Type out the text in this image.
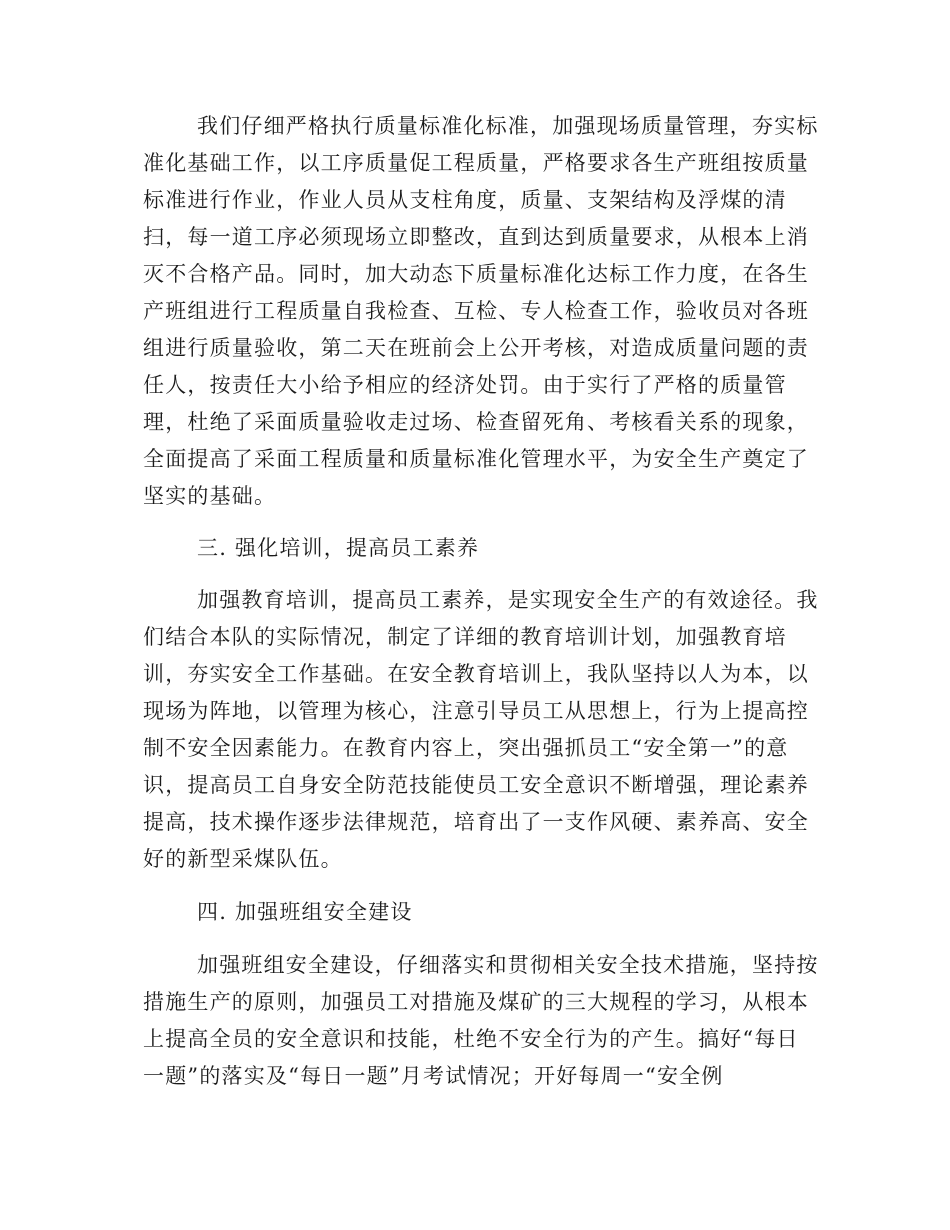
我们仔细严格执行质量标准化标准，加强现场质量管理，夯实标
准化基础工作，以工序质量促工程质量，严格要求各生产班组按质量
标准进行作业，作业人员从支柱角度，质量、支架结构及浮煤的清
扫，每一道工序必须现场立即整改，直到达到质量要求，从根本上消
灭不合格产品。同时，加大动态下质量标准化达标工作力度，在各生
产班组进行工程质量自我检查、互检、专人检查工作，验收员对各班
组进行质量验收，第二天在班前会上公开考核，对造成质量问题的责
任人，按责任大小给予相应的经济处罚。由于实行了严格的质量管
理，杜绝了采面质量验收走过场、检查留死角、考核看关系的现象，
全面提高了采面工程质量和质量标准化管理水平，为安全生产奠定了
坚实的基础。
三. 强化培训，提高员工素养
加强教育培训，提高员工素养，是实现安全生产的有效途径。我
们结合本队的实际情况，制定了详细的教育培训计划，加强教育培
训，夯实安全工作基础。在安全教育培训上，我队坚持以人为本，以
现场为阵地，以管理为核心，注意引导员工从思想上，行为上提高控
制不安全因素能力。在教育内容上，突出强抓员工“安全第一”的意
识，提高员工自身安全防范技能使员工安全意识不断增强，理论素养
提高，技术操作逐步法律规范，培育出了一支作风硬、素养高、安全
好的新型采煤队伍。
四. 加强班组安全建设
加强班组安全建设，仔细落实和贯彻相关安全技术措施，坚持按
措施生产的原则，加强员工对措施及煤矿的三大规程的学习，从根本
上提高全员的安全意识和技能，杜绝不安全行为的产生。搞好“每日
一题”的落实及“每日一题”月考试情况；开好每周一“安全例
